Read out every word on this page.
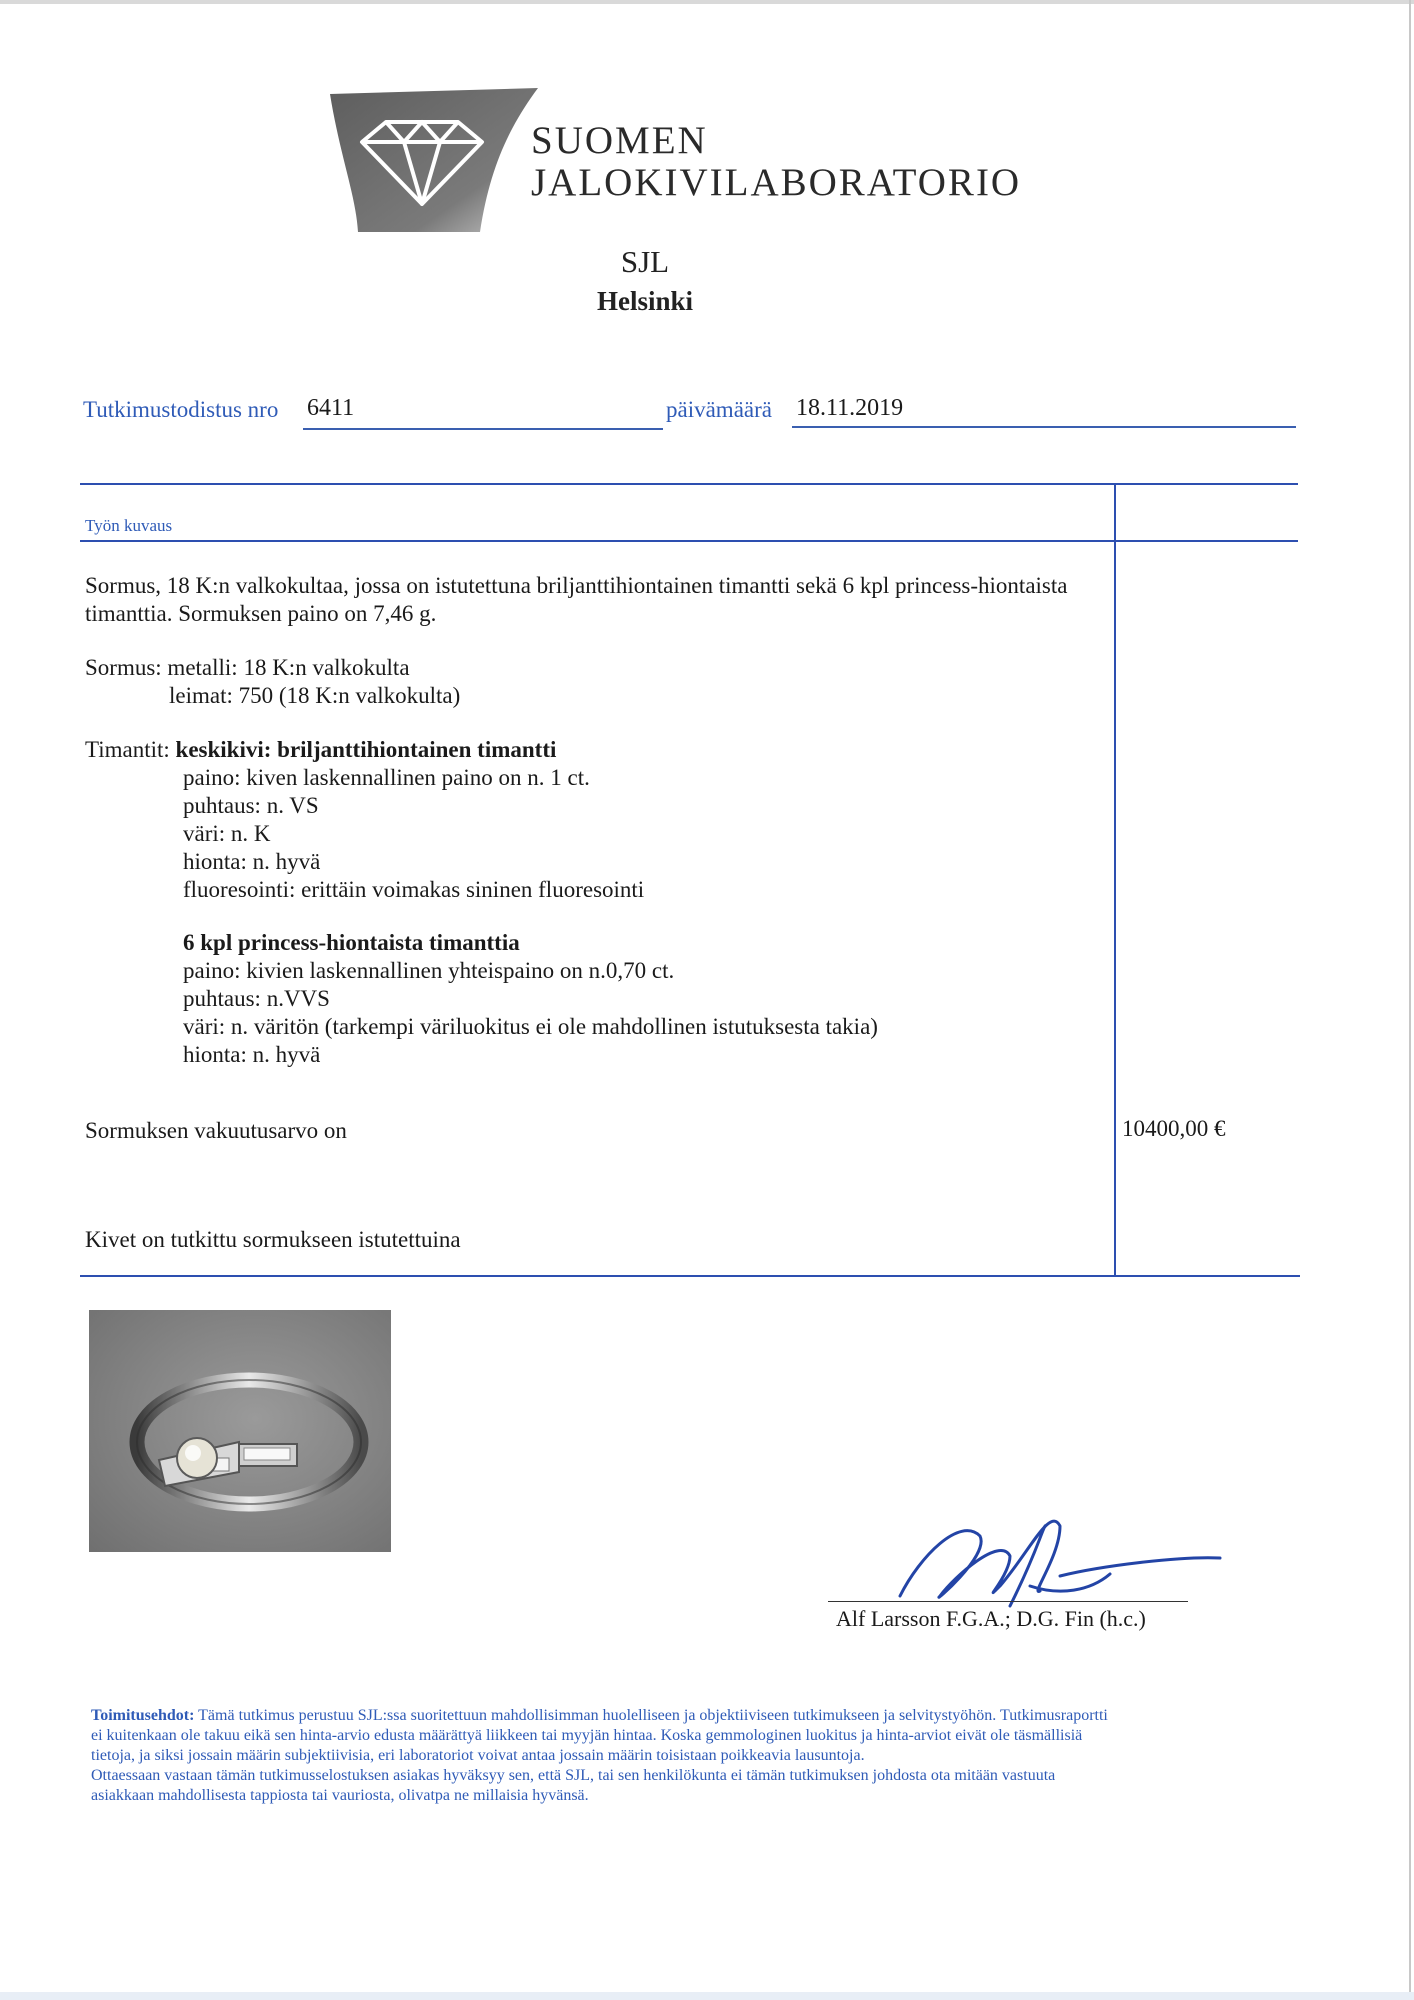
SUOMEN
JALOKIVILABORATORIO
SJL
Helsinki
Tutkimustodistus nro 6411	päivämäärä 18.11.2019
Työn kuvaus
Sormus, 18 K:n valkokultaa, jossa on istutettuna briljanttihiontainen timantti sekä 6 kpl princess-hiontaista
timanttia. Sormuksen paino on 7,46 g.
Sormus: metalli: 18 K:n valkokulta
leimat: 750 (18 K:n valkokulta)
Timantit: keskikivi: briljanttihiontainen timantti
paino: kiven laskennallinen paino on n. 1 ct.
puhtaus: n. VS
väri: n. K
hionta: n. hyvä
fluoresointi: erittäin voimakas sininen fluoresointi
6 kpl princess-hiontaista timanttia
paino: kivien laskennallinen yhteispaino on n.0,70 ct.
puhtaus: n.VVS
väri: n. väritön (tarkempi väriluokitus ei ole mahdollinen istutuksesta takia)
hionta: n. hyvä
Sormuksen vakuutusarvo on	10400,00 €
Kivet on tutkittu sormukseen istutettuina
Alf Larsson F.G.A.; D.G. Fin (h.c.)
Toimitusehdot: Tämä tutkimus perustuu SJL:ssa suoritettuun mahdollisimman huolelliseen ja objektiiviseen tutkimukseen ja selvitystyöhön. Tutkimusraportti
ei kuitenkaan ole takuu eikä sen hinta-arvio edusta määrättyä liikkeen tai myyjän hintaa. Koska gemmologinen luokitus ja hinta-arviot eivät ole täsmällisiä
tietoja, ja siksi jossain määrin subjektiivisia, eri laboratoriot voivat antaa jossain määrin toisistaan poikkeavia lausuntoja.
Ottaessaan vastaan tämän tutkimusselostuksen asiakas hyväksyy sen, että SJL, tai sen henkilökunta ei tämän tutkimuksen johdosta ota mitään vastuuta
asiakkaan mahdollisesta tappiosta tai vauriosta, olivatpa ne millaisia hyvänsä.
